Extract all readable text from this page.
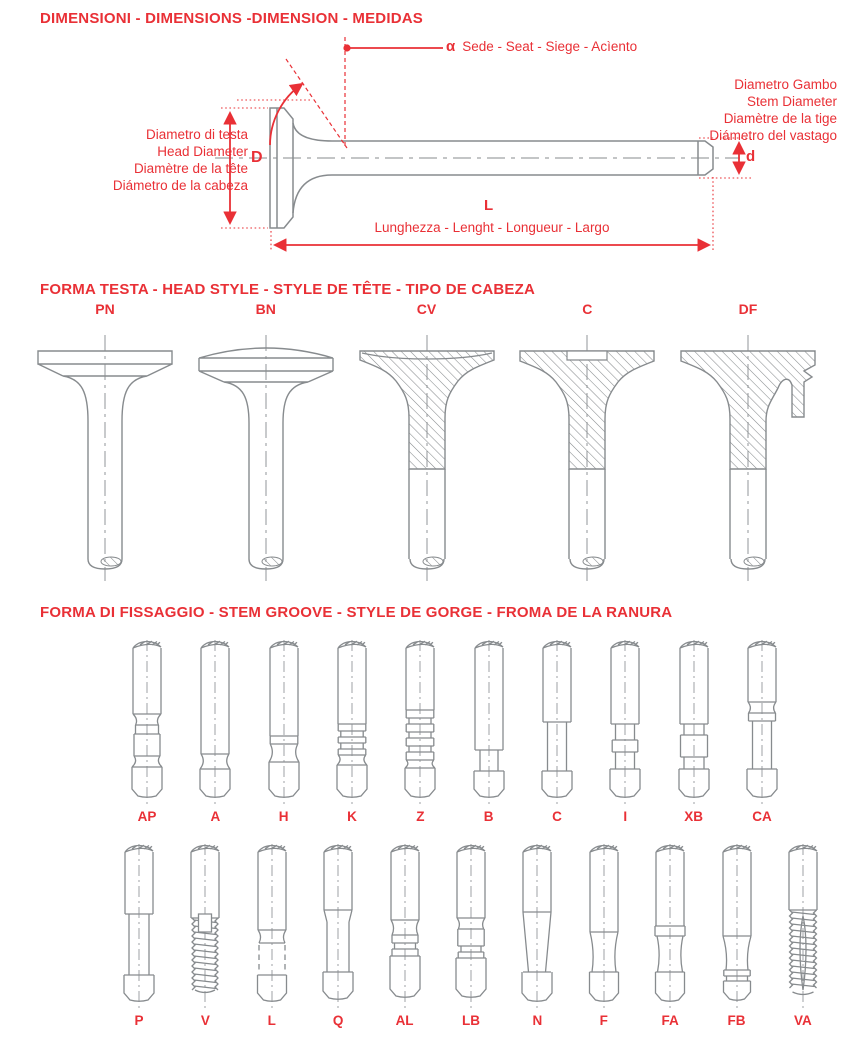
DIMENSIONI - DIMENSIONS -DIMENSION - MEDIDAS
α Sede - Seat - Siege - Acìento
Diametro Gambo
Stem Diameter
Diamètre de la tige
Diámetro del vastago
d
Diametro di testa
Head Diameter
Diamètre de la tête
Diámetro de la cabeza
D
L
Lunghezza - Lenght - Longueur - Largo
FORMA TESTA - HEAD STYLE - STYLE DE TÊTE - TIPO DE CABEZA
PN	BN	CV	C	DF
FORMA DI FISSAGGIO - STEM GROOVE - STYLE DE GORGE - FROMA DE LA RANURA
AP	A	H	K	Z	B	C	I	XB	CA
P	V	L	Q	AL	LB	N	F	FA	FB	VA
